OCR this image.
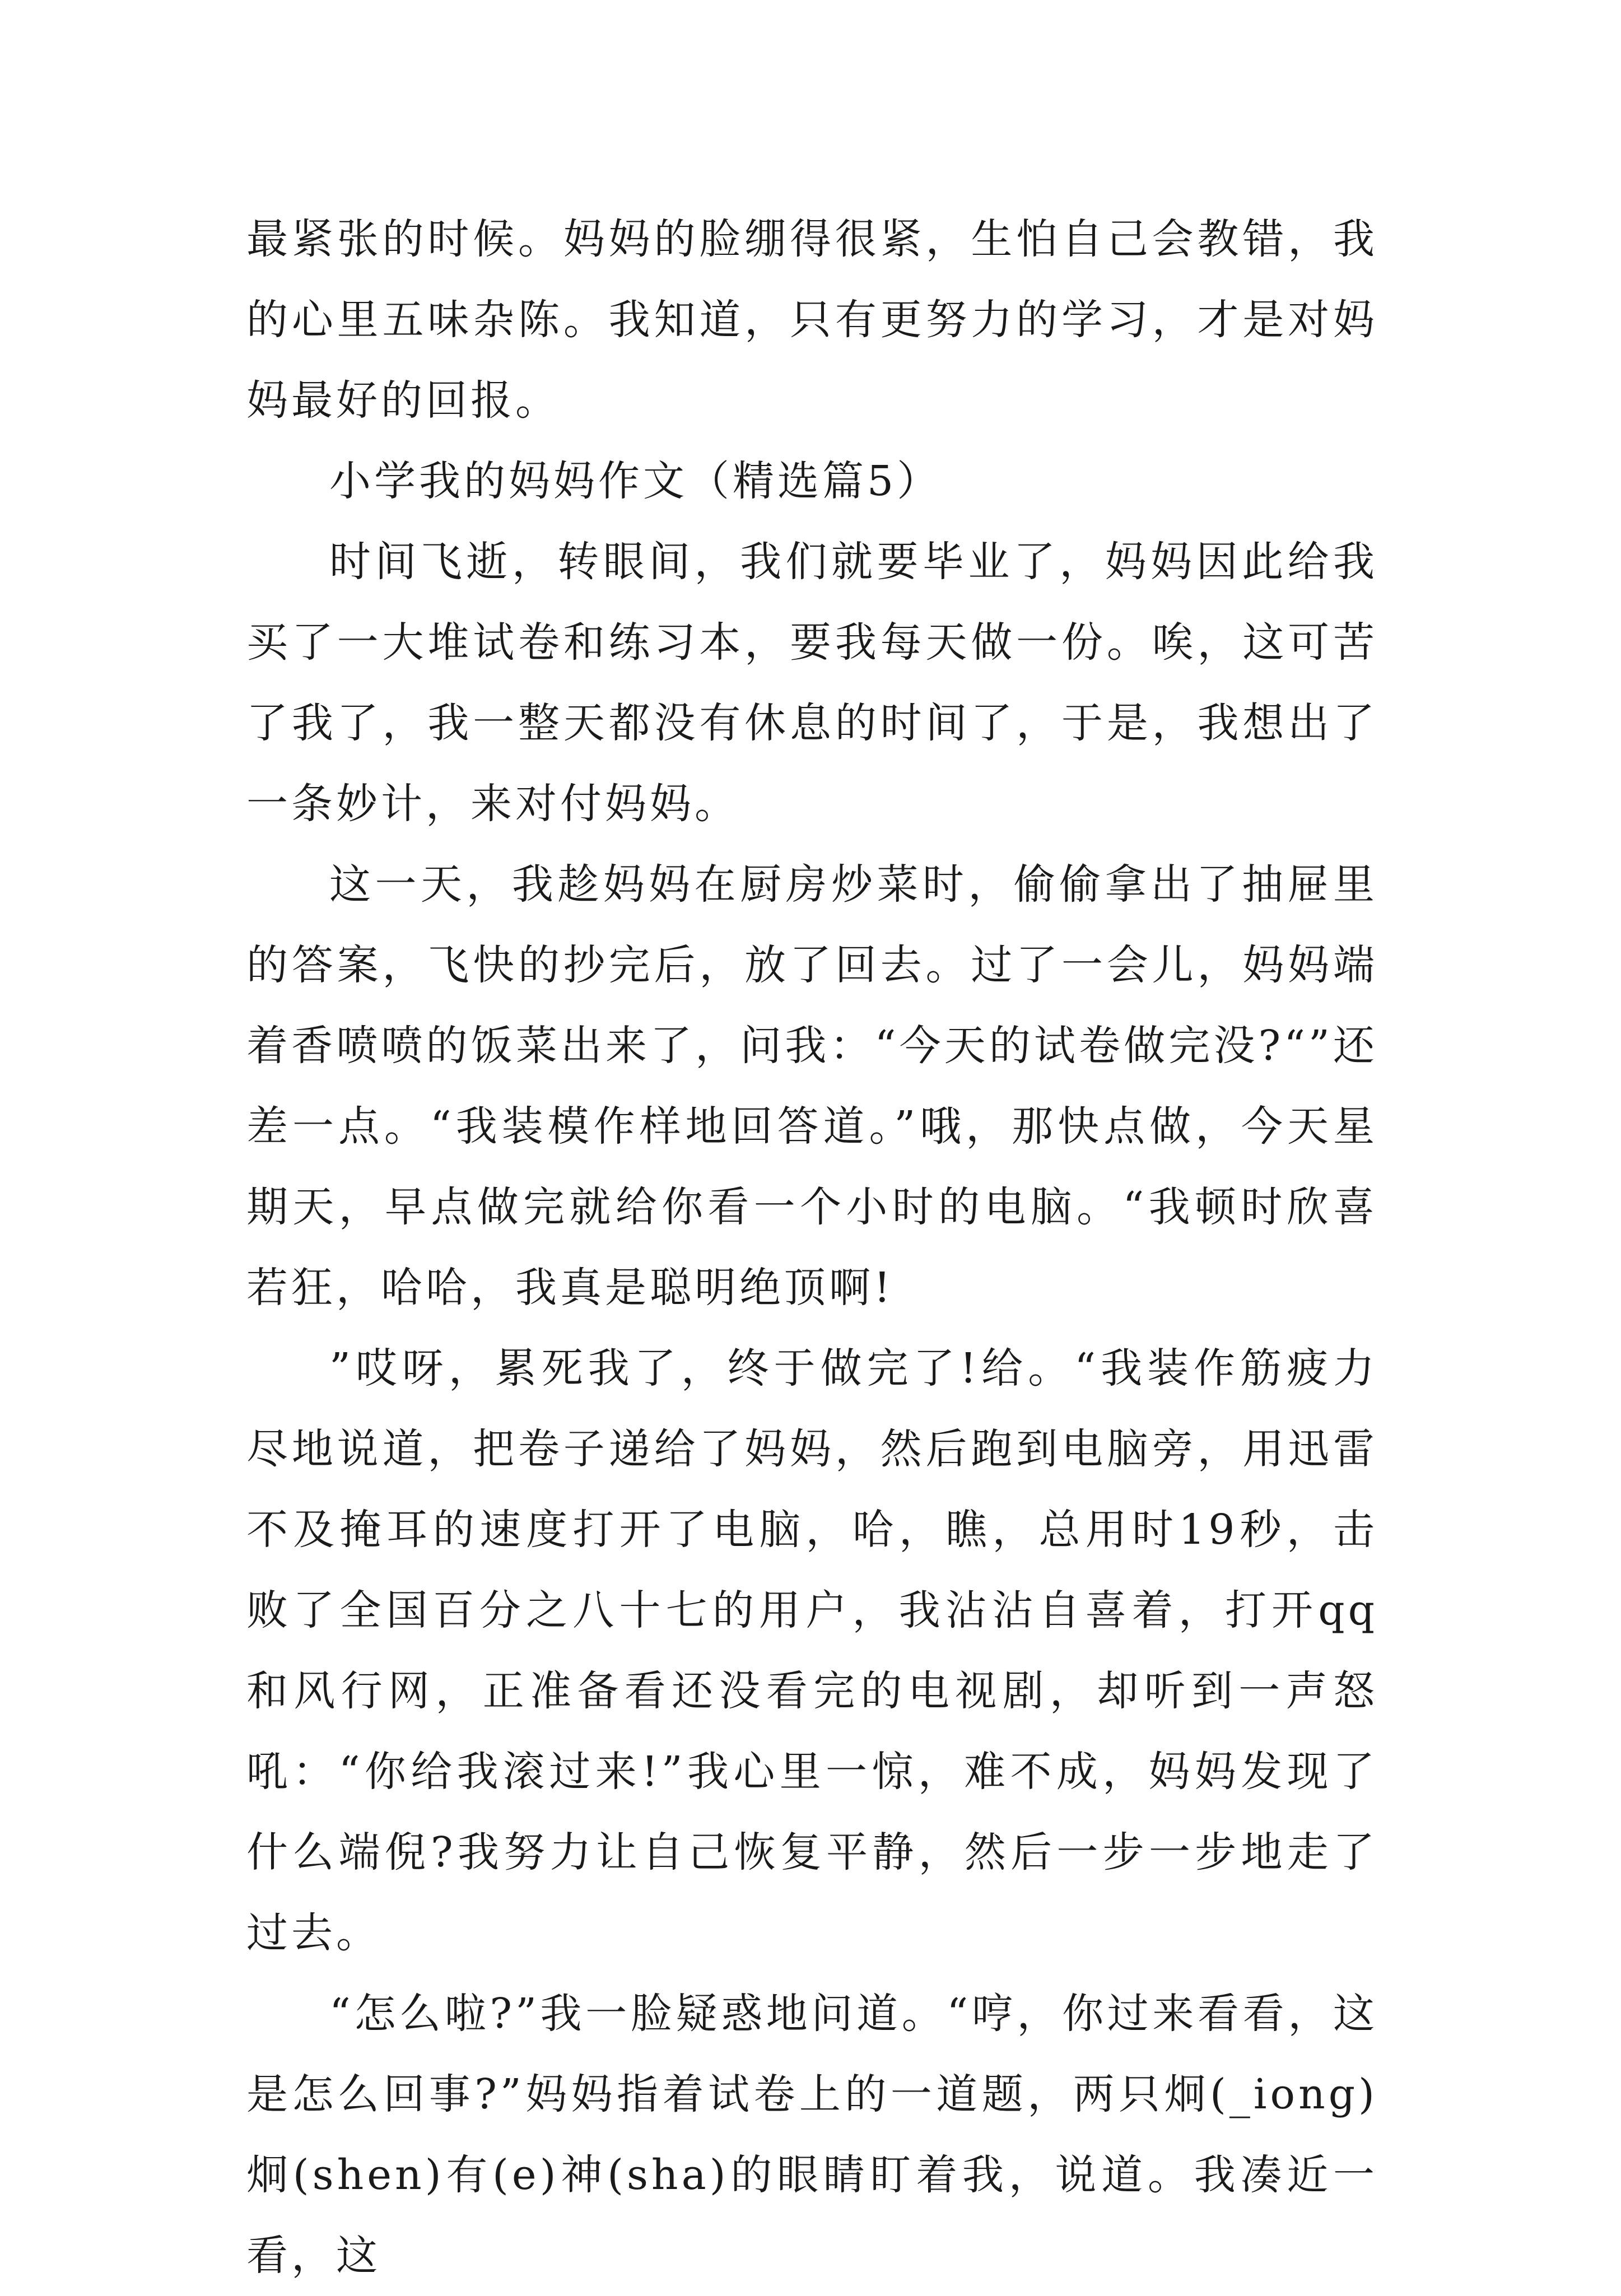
最紧张的时候。妈妈的脸绷得很紧，生怕自己会教错，我的心里五味杂陈。我知道，只有更努力的学习，才是对妈妈最好的回报。

小学我的妈妈作文（精选篇5）

时间飞逝，转眼间，我们就要毕业了，妈妈因此给我买了一大堆试卷和练习本，要我每天做一份。唉，这可苦了我了，我一整天都没有休息的时间了，于是，我想出了一条妙计，来对付妈妈。

这一天，我趁妈妈在厨房炒菜时，偷偷拿出了抽屉里的答案，飞快的抄完后，放了回去。过了一会儿，妈妈端着香喷喷的饭菜出来了，问我：“今天的试卷做完没?“”还差一点。“我装模作样地回答道。”哦，那快点做，今天星期天，早点做完就给你看一个小时的电脑。“我顿时欣喜若狂，哈哈，我真是聪明绝顶啊!

”哎呀，累死我了，终于做完了!给。“我装作筋疲力尽地说道，把卷子递给了妈妈，然后跑到电脑旁，用迅雷不及掩耳的速度打开了电脑，哈，瞧，总用时19秒，击败了全国百分之八十七的用户，我沾沾自喜着，打开qq和风行网，正准备看还没看完的电视剧，却听到一声怒吼：“你给我滚过来!”我心里一惊，难不成，妈妈发现了什么端倪?我努力让自己恢复平静，然后一步一步地走了过去。

“怎么啦?”我一脸疑惑地问道。“哼，你过来看看，这是怎么回事?”妈妈指着试卷上的一道题，两只炯(_iong)炯(shen)有(e)神(sha)的眼睛盯着我，说道。我凑近一看，这
